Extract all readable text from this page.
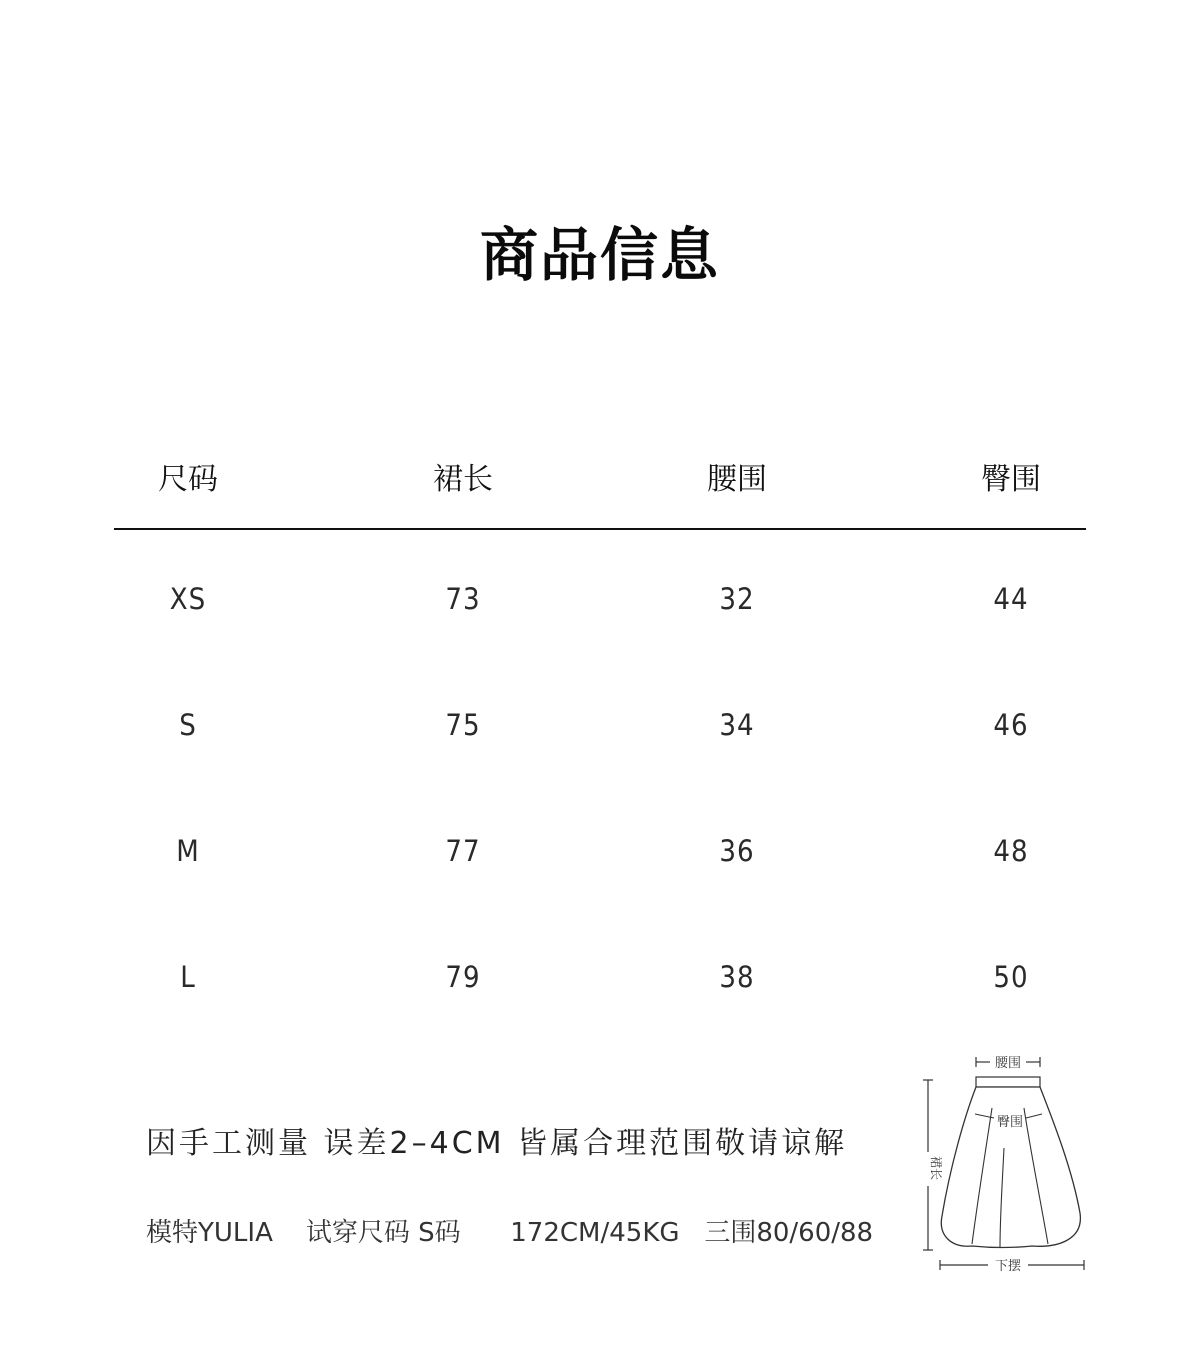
商品信息
尺码	裙长	腰围	臀围
XS	73	32	44
S	75	34	46
M	77	36	48
L	79	38	50
因手工测量 误差2–4CM 皆属合理范围敬请谅解
模特YULIA    试穿尺码 S码      172CM/45KG   三围80/60/88
腰围
臀围
裙长
下摆
